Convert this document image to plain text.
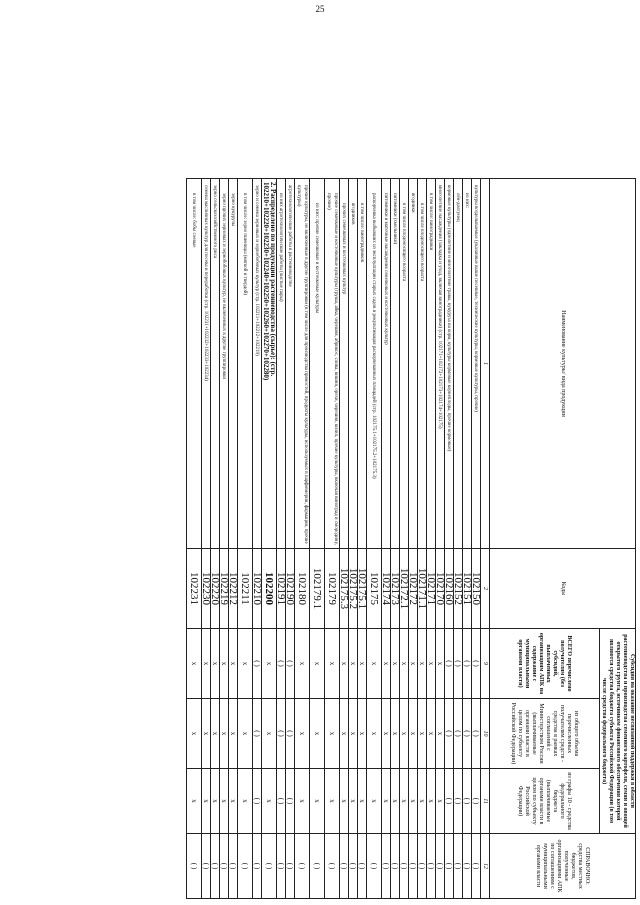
25
Наименование культуры/ вида продукции	Коды	Субсидия на оказание несвязанной поддержки в области растениеводства и производства семенного картофеля, семян и овощей открытого грунта, источником финансового обеспечения которой являются средства бюджета субъекта Российской Федерации (в том числе средства федерального бюджета)			СПРАВОЧНО: средства местных бюджетов, полученные организациями АПК по соглашениям с муниципальными органами власти
		ВСЕГО перечислено получателям (без субсидий, выплаченных организациям АПК на содержание с муниципальными органами власти)	из общего объема перечисленных получателям средств - средства в рамках соглашений с Министерством России (выплачиваемые органами власти в целом по субъекту Российской Федерации)	из графы 10 - средства федерального бюджета (выплачиваемые органами власти в целом по субъекту Российской Федерации)	
1	2	9	10	11	12
культуры возделываемые (указанные выше посевные, технические культуры, кормовые культуры, прочие)	102150	( )	( )	( )	( )
из них:	102151	( )	( )	( )	( )
лён-долгунец	102152	( )	( )	( )	( )
кормовые культуры (однолетние и многолетние травы, кукуруза на корм, культуры кормовые корнеплоды, прочие кормовые)	102160	( )	( )	( )	( )
многолетние насаждения (закладка и уход, включая виноградники) (стр. 102171+102172+102173+102174+102175)	102170	х	х	х	( )
в том числе: виноградники	102171	х	х	х	( )
в том числе плодоносящего возраста	102171.1	х	х	х	( )
ягодники	102172	х	х	х	( )
в том числе плодоносящего возраста	102172.1	х	х	х	( )
питомники (хмельники)	102173	х	х	х	( )
питомники и маточные насаждения семечковых и косточковых культур	102174	х	х	х	( )
раскорчевка выбывших из эксплуатации старых садов и рекультивация раскорчеванных площадей (стр. 102175.1+102175.2+102175.3)	102175	х	х	х	( )
в том числе: виноградников	102175.1	х	х	х	( )
ягодников	102175.2	х	х	х	( )
прочих семечковых и косточковых культур	102175.3	х	х	х	( )
прочие семечковые и косточковые культуры (груша, айва, черешня, абрикос, слива, вишня, орехи, черешня, кизил, прочие культуры, включая виноград и смородину, прочие)	102179	х	х	х	( )
из них: прочие семечковые и косточковые культуры	102179.1	х	х	х	( )
прочие культуры, не включенные в другие группировки (в том числе для производства пряностей, продукты культуры, используемых в парфюмерии, фармации, прочие культуры)	102180	х	х	х	( )
агротехнологические работы в растениеводстве	102190	( )	( )	( )	( )
из них агротехнологические работы (чистые пары)	102191	( )	( )	( )	( )
2. Распределено по продукции растениеводства (сырье): (стр. 102210+102220+102230+102240+102250+102260+102270+102280)	102200	х	х	х	( )
зерно и семена зерновых и зернобобовых культур (стр. 102211+102212+102219)	102210	( )	( )	( )	( )
в том числе: зерно пшеницы (мягкой и твердой)	102211	х	х	х	( )
зерно кукурузы	102212	х	х	х	( )
зерно прочих зерновых и зернобобовых культур, не включенных в другие группировки	102219	х	х	х	( )
зерно сельскохозяйственного риса	102220	х	х	х	( )
семена масличных культур для посева и переработки (стр. 102231+102232+102233+102234)	102230	х	х	х	( )
в том числе: бобы соевые	102231	х	х	х	( )
